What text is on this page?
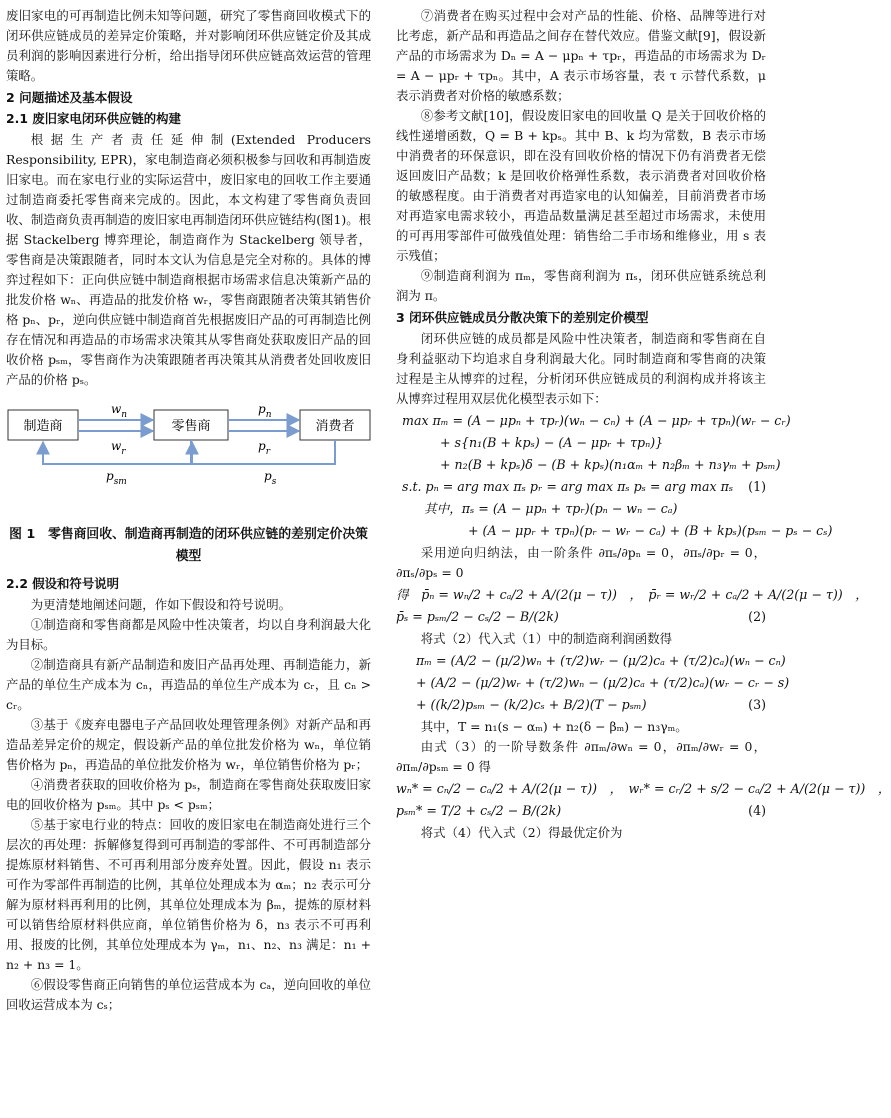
废旧家电的可再制造比例未知等问题，研究了零售商回收模式下的闭环供应链成员的差异定价策略，并对影响闭环供应链定价及其成员利润的影响因素进行分析，给出指导闭环供应链高效运营的管理策略。

2 问题描述及基本假设

2.1 废旧家电闭环供应链的构建

根据生产者责任延伸制(Extended Producers Responsibility, EPR)，家电制造商必须积极参与回收和再制造废旧家电。而在家电行业的实际运营中，废旧家电的回收工作主要通过制造商委托零售商来完成的。因此，本文构建了零售商负责回收、制造商负责再制造的废旧家电再制造闭环供应链结构(图1)。根据 Stackelberg 博弈理论，制造商作为 Stackelberg 领导者，零售商是决策跟随者，同时本文认为信息是完全对称的。具体的博弈过程如下：正向供应链中制造商根据市场需求信息决策新产品的批发价格 wₙ、再造品的批发价格 wᵣ，零售商跟随者决策其销售价格 pₙ、pᵣ，逆向供应链中制造商首先根据废旧产品的可再制造比例存在情况和再造品的市场需求决策其从零售商处获取废旧产品的回收价格 pₛₘ，零售商作为决策跟随者再决策其从消费者处回收废旧产品的价格 pₛ。

制造商	零售商	消费者
$w_n$
$w_r$
$p_n$
$p_r$
$p_{sm}$	$p_s$

图 1　零售商回收、制造商再制造的闭环供应链的差别定价决策模型

2.2 假设和符号说明

为更清楚地阐述问题，作如下假设和符号说明。

①制造商和零售商都是风险中性决策者，均以自身利润最大化为目标。

②制造商具有新产品制造和废旧产品再处理、再制造能力，新产品的单位生产成本为 cₙ，再造品的单位生产成本为 cᵣ，且 cₙ > cᵣ。

③基于《废弃电器电子产品回收处理管理条例》对新产品和再造品差异定价的规定，假设新产品的单位批发价格为 wₙ，单位销售价格为 pₙ，再造品的单位批发价格为 wᵣ，单位销售价格为 pᵣ；

④消费者获取的回收价格为 pₛ，制造商在零售商处获取废旧家电的回收价格为 pₛₘ。其中 pₛ < pₛₘ；

⑤基于家电行业的特点：回收的废旧家电在制造商处进行三个层次的再处理：拆解修复得到可再制造的零部件、不可再制造部分提炼原材料销售、不可再利用部分废弃处置。因此，假设 n₁ 表示可作为零部件再制造的比例，其单位处理成本为 αₘ；n₂ 表示可分解为原材料再利用的比例，其单位处理成本为 βₘ，提炼的原材料可以销售给原材料供应商，单位销售价格为 δ，n₃ 表示不可再利用、报废的比例，其单位处理成本为 γₘ，n₁、n₂、n₃ 满足：n₁ + n₂ + n₃ = 1。

⑥假设零售商正向销售的单位运营成本为 cₐ，逆向回收的单位回收运营成本为 cₛ；

⑦消费者在购买过程中会对产品的性能、价格、品牌等进行对比考虑，新产品和再造品之间存在替代效应。借鉴文献[9]，假设新产品的市场需求为 Dₙ = A − μpₙ + τpᵣ，再造品的市场需求为 Dᵣ = A − μpᵣ + τpₙ。其中，A 表示市场容量，表 τ 示替代系数，μ 表示消费者对价格的敏感系数；

⑧参考文献[10]，假设废旧家电的回收量 Q 是关于回收价格的线性递增函数，Q = B + kpₛ。其中 B、k 均为常数，B 表示市场中消费者的环保意识，即在没有回收价格的情况下仍有消费者无偿返回废旧产品数；k 是回收价格弹性系数，表示消费者对回收价格的敏感程度。由于消费者对再造家电的认知偏差，目前消费者市场对再造家电需求较小，再造品数量满足甚至超过市场需求，未使用的可再用零部件可做残值处理：销售给二手市场和维修业，用 s 表示残值；

⑨制造商利润为 πₘ，零售商利润为 πₛ，闭环供应链系统总利润为 π。

3 闭环供应链成员分散决策下的差别定价模型

闭环供应链的成员都是风险中性决策者，制造商和零售商在自身利益驱动下均追求自身利润最大化。同时制造商和零售商的决策过程是主从博弈的过程，分析闭环供应链成员的利润构成并将该主从博弈过程用双层优化模型表示如下：

max πₘ = (A − μpₙ + τpᵣ)(wₙ − cₙ) + (A − μpᵣ + τpₙ)(wᵣ − cᵣ)
+ s{n₁(B + kpₛ) − (A − μpᵣ + τpₙ)}
+ n₂(B + kpₛ)δ − (B + kpₛ)(n₁αₘ + n₂βₘ + n₃γₘ + pₛₘ)
s.t. pₙ = arg max πₛ pᵣ = arg max πₛ pₛ = arg max πₛ (1)
其中，πₛ = (A − μpₙ + τpᵣ)(pₙ − wₙ − cₐ)
+ (A − μpᵣ + τpₙ)(pᵣ − wᵣ − cₐ) + (B + kpₛ)(pₛₘ − pₛ − cₛ)

采用逆向归纳法，由一阶条件 ∂πₛ/∂pₙ = 0，∂πₛ/∂pᵣ = 0，∂πₛ/∂pₛ = 0

得　p̄ₙ = wₙ/2 + cₐ/2 + A/(2(μ − τ))　，　p̄ᵣ = wᵣ/2 + cₐ/2 + A/(2(μ − τ))　，
p̄ₛ = pₛₘ/2 − cₛ/2 − B/(2k)	(2)

将式（2）代入式（1）中的制造商利润函数得

πₘ = (A/2 − (μ/2)wₙ + (τ/2)wᵣ − (μ/2)cₐ + (τ/2)cₐ)(wₙ − cₙ)
+ (A/2 − (μ/2)wᵣ + (τ/2)wₙ − (μ/2)cₐ + (τ/2)cₐ)(wᵣ − cᵣ − s)
+ ((k/2)pₛₘ − (k/2)cₛ + B/2)(T − pₛₘ)	(3)

其中，T = n₁(s − αₘ) + n₂(δ − βₘ) − n₃γₘ。

由式（3）的一阶导数条件 ∂πₘ/∂wₙ = 0，∂πₘ/∂wᵣ = 0，∂πₘ/∂pₛₘ = 0 得

wₙ* = cₙ/2 − cₐ/2 + A/(2(μ − τ))　，　wᵣ* = cᵣ/2 + s/2 − cₐ/2 + A/(2(μ − τ))　，
pₛₘ* = T/2 + cₛ/2 − B/(2k)	(4)

将式（4）代入式（2）得最优定价为
